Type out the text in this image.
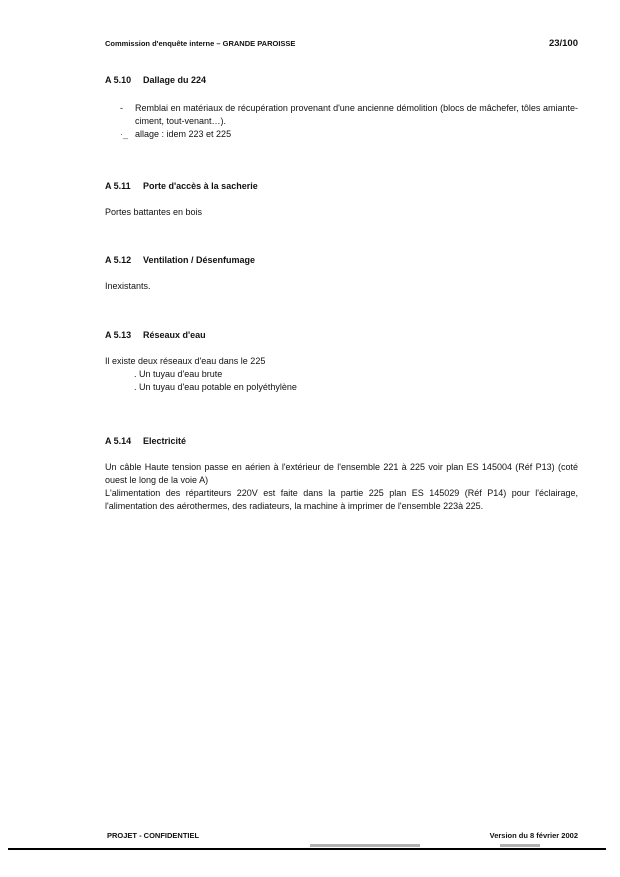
Commission d'enquête interne – GRANDE PAROISSE	23/100

A 5.10 Dallage du 224

- Remblai en matériaux de récupération provenant d'une ancienne démolition (blocs de mâchefer, tôles amiante-ciment, tout-venant…).
·_ allage : idem 223 et 225

A 5.11 Porte d'accès à la sacherie

Portes battantes en bois

A 5.12 Ventilation / Désenfumage

Inexistants.

A 5.13 Réseaux d'eau

Il existe deux réseaux d'eau dans le 225

. Un tuyau d'eau brute
. Un tuyau d'eau potable en polyéthylène

A 5.14 Electricité

Un câble Haute tension passe en aérien à l'extérieur de l'ensemble 221 à 225 voir plan ES 145004 (Réf P13) (coté ouest le long de la voie A)

L'alimentation des répartiteurs 220V est faite dans la partie 225 plan ES 145029 (Réf P14) pour l'éclairage, l'alimentation des aérothermes, des radiateurs, la machine à imprimer de l'ensemble 223à 225.

PROJET - CONFIDENTIEL	Version du 8 février 2002
